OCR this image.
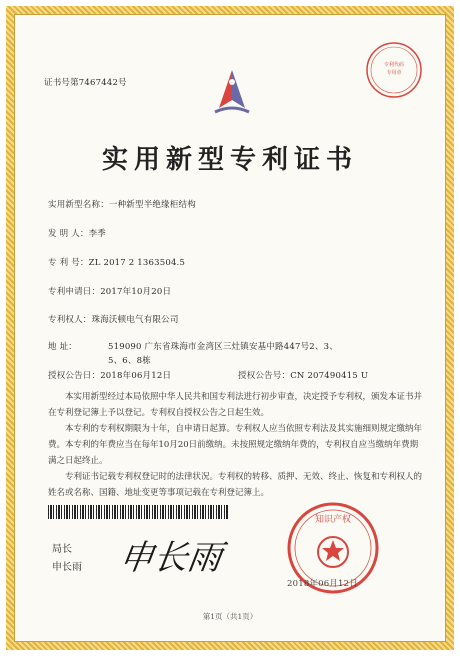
专利代码
专用章
证书号第7467442号
实用新型专利证书
实用新型名称：一种新型半绝缘柜结构
发 明 人：李季
专 利 号：ZL 2017 2 1363504.5
专利申请日：2017年10月20日
专利权人：珠海沃顿电气有限公司
地 址：	519090 广东省珠海市金湾区三灶镇安基中路447号2、3、
5、6、8栋
授权公告日：2018年06月12日	授权公告号：CN 207490415 U
本实用新型经过本局依照中华人民共和国专利法进行初步审查，决定授予专利权，颁发本证书并在专利登记簿上予以登记。专利权自授权公告之日起生效。
本专利的专利权期限为十年，自申请日起算。专利权人应当依照专利法及其实施细则规定缴纳年费。本专利的年费应当在每年10月20日前缴纳。未按照规定缴纳年费的，专利权自应当缴纳年费期满之日起终止。
专利证书记载专利权登记时的法律状况。专利权的转移、质押、无效、终止、恢复和专利权人的姓名或名称、国籍、地址变更等事项记载在专利登记簿上。
局长
申长雨 申长雨
知识产权
2018年06月12日
第1页（共1页）
